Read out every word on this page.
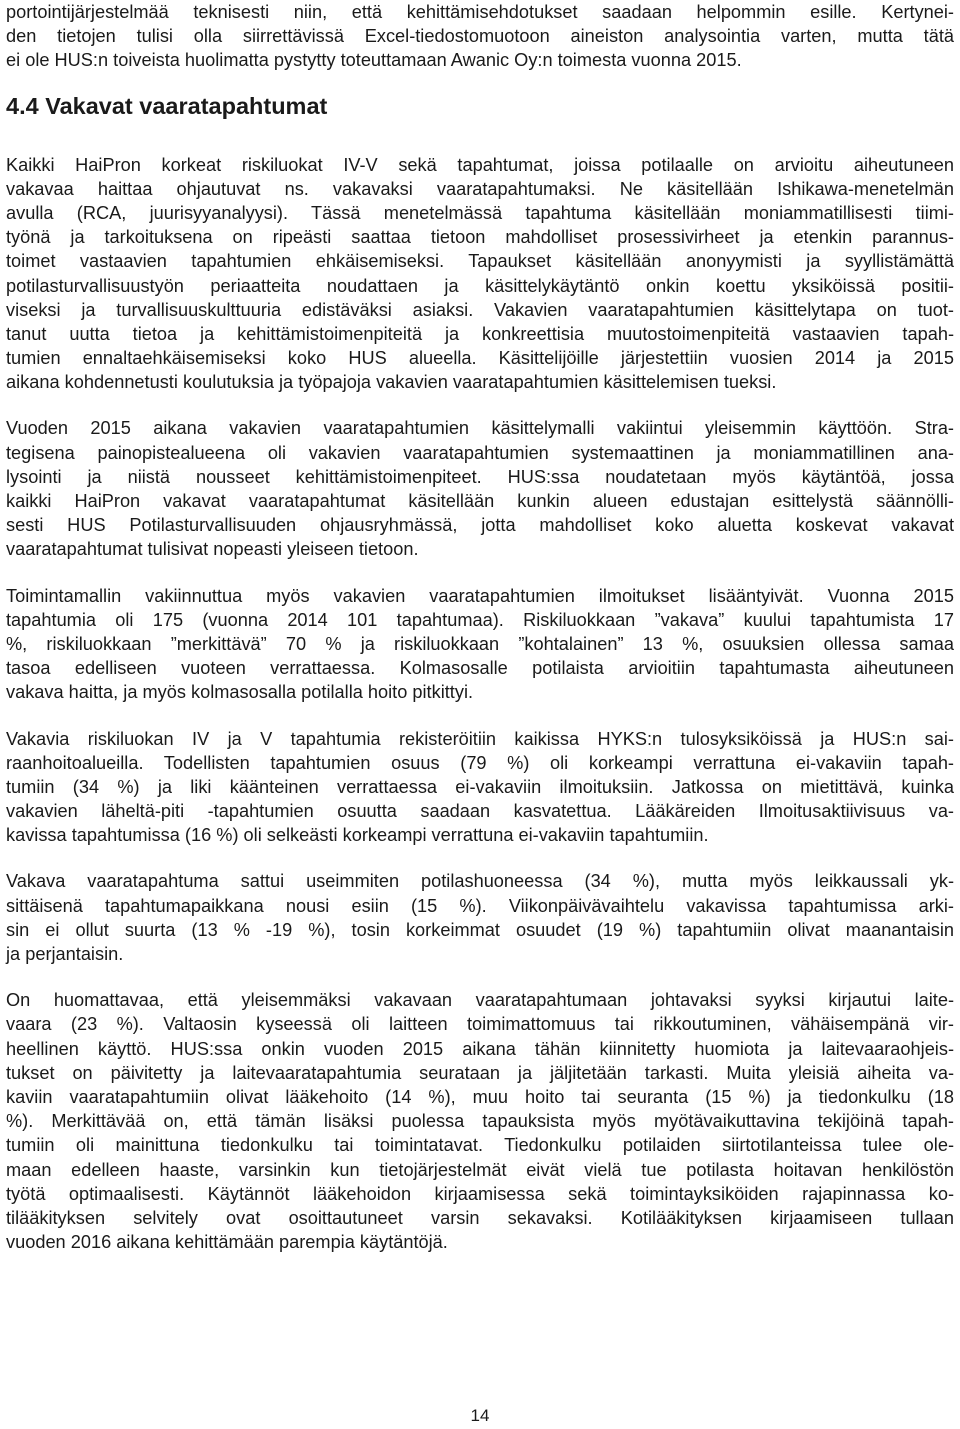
portointijärjestelmää teknisesti niin, että kehittämisehdotukset saadaan helpommin esille. Kertynei-
den tietojen tulisi olla siirrettävissä Excel-tiedostomuotoon aineiston analysointia varten, mutta tätä
ei ole HUS:n toiveista huolimatta pystytty toteuttamaan Awanic Oy:n toimesta vuonna 2015.
4.4 Vakavat vaaratapahtumat
Kaikki HaiPron korkeat riskiluokat IV-V sekä tapahtumat, joissa potilaalle on arvioitu aiheutuneen
vakavaa haittaa ohjautuvat ns. vakavaksi vaaratapahtumaksi. Ne käsitellään Ishikawa-menetelmän
avulla (RCA, juurisyyanalyysi). Tässä menetelmässä tapahtuma käsitellään moniammatillisesti tiimi-
työnä ja tarkoituksena on ripeästi saattaa tietoon mahdolliset prosessivirheet ja etenkin parannus-
toimet vastaavien tapahtumien ehkäisemiseksi. Tapaukset käsitellään anonyymisti ja syyllistämättä
potilasturvallisuustyön periaatteita noudattaen ja käsittelykäytäntö onkin koettu yksiköissä positii-
viseksi ja turvallisuuskulttuuria edistäväksi asiaksi. Vakavien vaaratapahtumien käsittelytapa on tuot-
tanut uutta tietoa ja kehittämistoimenpiteitä ja konkreettisia muutostoimenpiteitä vastaavien tapah-
tumien ennaltaehkäisemiseksi koko HUS alueella. Käsittelijöille järjestettiin vuosien 2014 ja 2015
aikana kohdennetusti koulutuksia ja työpajoja vakavien vaaratapahtumien käsittelemisen tueksi.
Vuoden 2015 aikana vakavien vaaratapahtumien käsittelymalli vakiintui yleisemmin käyttöön. Stra-
tegisena painopistealueena oli vakavien vaaratapahtumien systemaattinen ja moniammatillinen ana-
lysointi ja niistä nousseet kehittämistoimenpiteet. HUS:ssa noudatetaan myös käytäntöä, jossa
kaikki HaiPron vakavat vaaratapahtumat käsitellään kunkin alueen edustajan esittelystä säännölli-
sesti HUS Potilasturvallisuuden ohjausryhmässä, jotta mahdolliset koko aluetta koskevat vakavat
vaaratapahtumat tulisivat nopeasti yleiseen tietoon.
Toimintamallin vakiinnuttua myös vakavien vaaratapahtumien ilmoitukset lisääntyivät. Vuonna 2015
tapahtumia oli 175 (vuonna 2014 101 tapahtumaa). Riskiluokkaan ”vakava” kuului tapahtumista 17
%, riskiluokkaan ”merkittävä” 70 % ja riskiluokkaan ”kohtalainen” 13 %, osuuksien ollessa samaa
tasoa edelliseen vuoteen verrattaessa. Kolmasosalle potilaista arvioitiin tapahtumasta aiheutuneen
vakava haitta, ja myös kolmasosalla potilalla hoito pitkittyi.
Vakavia riskiluokan IV ja V tapahtumia rekisteröitiin kaikissa HYKS:n tulosyksiköissä ja HUS:n sai-
raanhoitoalueilla. Todellisten tapahtumien osuus (79 %) oli korkeampi verrattuna ei-vakaviin tapah-
tumiin (34 %) ja liki käänteinen verrattaessa ei-vakaviin ilmoituksiin. Jatkossa on mietittävä, kuinka
vakavien läheltä-piti -tapahtumien osuutta saadaan kasvatettua. Lääkäreiden Ilmoitusaktiivisuus va-
kavissa tapahtumissa (16 %) oli selkeästi korkeampi verrattuna ei-vakaviin tapahtumiin.
Vakava vaaratapahtuma sattui useimmiten potilashuoneessa (34 %), mutta myös leikkaussali yk-
sittäisenä tapahtumapaikkana nousi esiin (15 %). Viikonpäivävaihtelu vakavissa tapahtumissa arki-
sin ei ollut suurta (13 % -19 %), tosin korkeimmat osuudet (19 %) tapahtumiin olivat maanantaisin
ja perjantaisin.
On huomattavaa, että yleisemmäksi vakavaan vaaratapahtumaan johtavaksi syyksi kirjautui laite-
vaara (23 %). Valtaosin kyseessä oli laitteen toimimattomuus tai rikkoutuminen, vähäisempänä vir-
heellinen käyttö. HUS:ssa onkin vuoden 2015 aikana tähän kiinnitetty huomiota ja laitevaaraohjeis-
tukset on päivitetty ja laitevaaratapahtumia seurataan ja jäljitetään tarkasti. Muita yleisiä aiheita va-
kaviin vaaratapahtumiin olivat lääkehoito (14 %), muu hoito tai seuranta (15 %) ja tiedonkulku (18
%). Merkittävää on, että tämän lisäksi puolessa tapauksista myös myötävaikuttavina tekijöinä tapah-
tumiin oli mainittuna tiedonkulku tai toimintatavat. Tiedonkulku potilaiden siirtotilanteissa tulee ole-
maan edelleen haaste, varsinkin kun tietojärjestelmät eivät vielä tue potilasta hoitavan henkilöstön
työtä optimaalisesti. Käytännöt lääkehoidon kirjaamisessa sekä toimintayksiköiden rajapinnassa ko-
tilääkityksen selvitely ovat osoittautuneet varsin sekavaksi. Kotilääkityksen kirjaamiseen tullaan
vuoden 2016 aikana kehittämään parempia käytäntöjä.
14
